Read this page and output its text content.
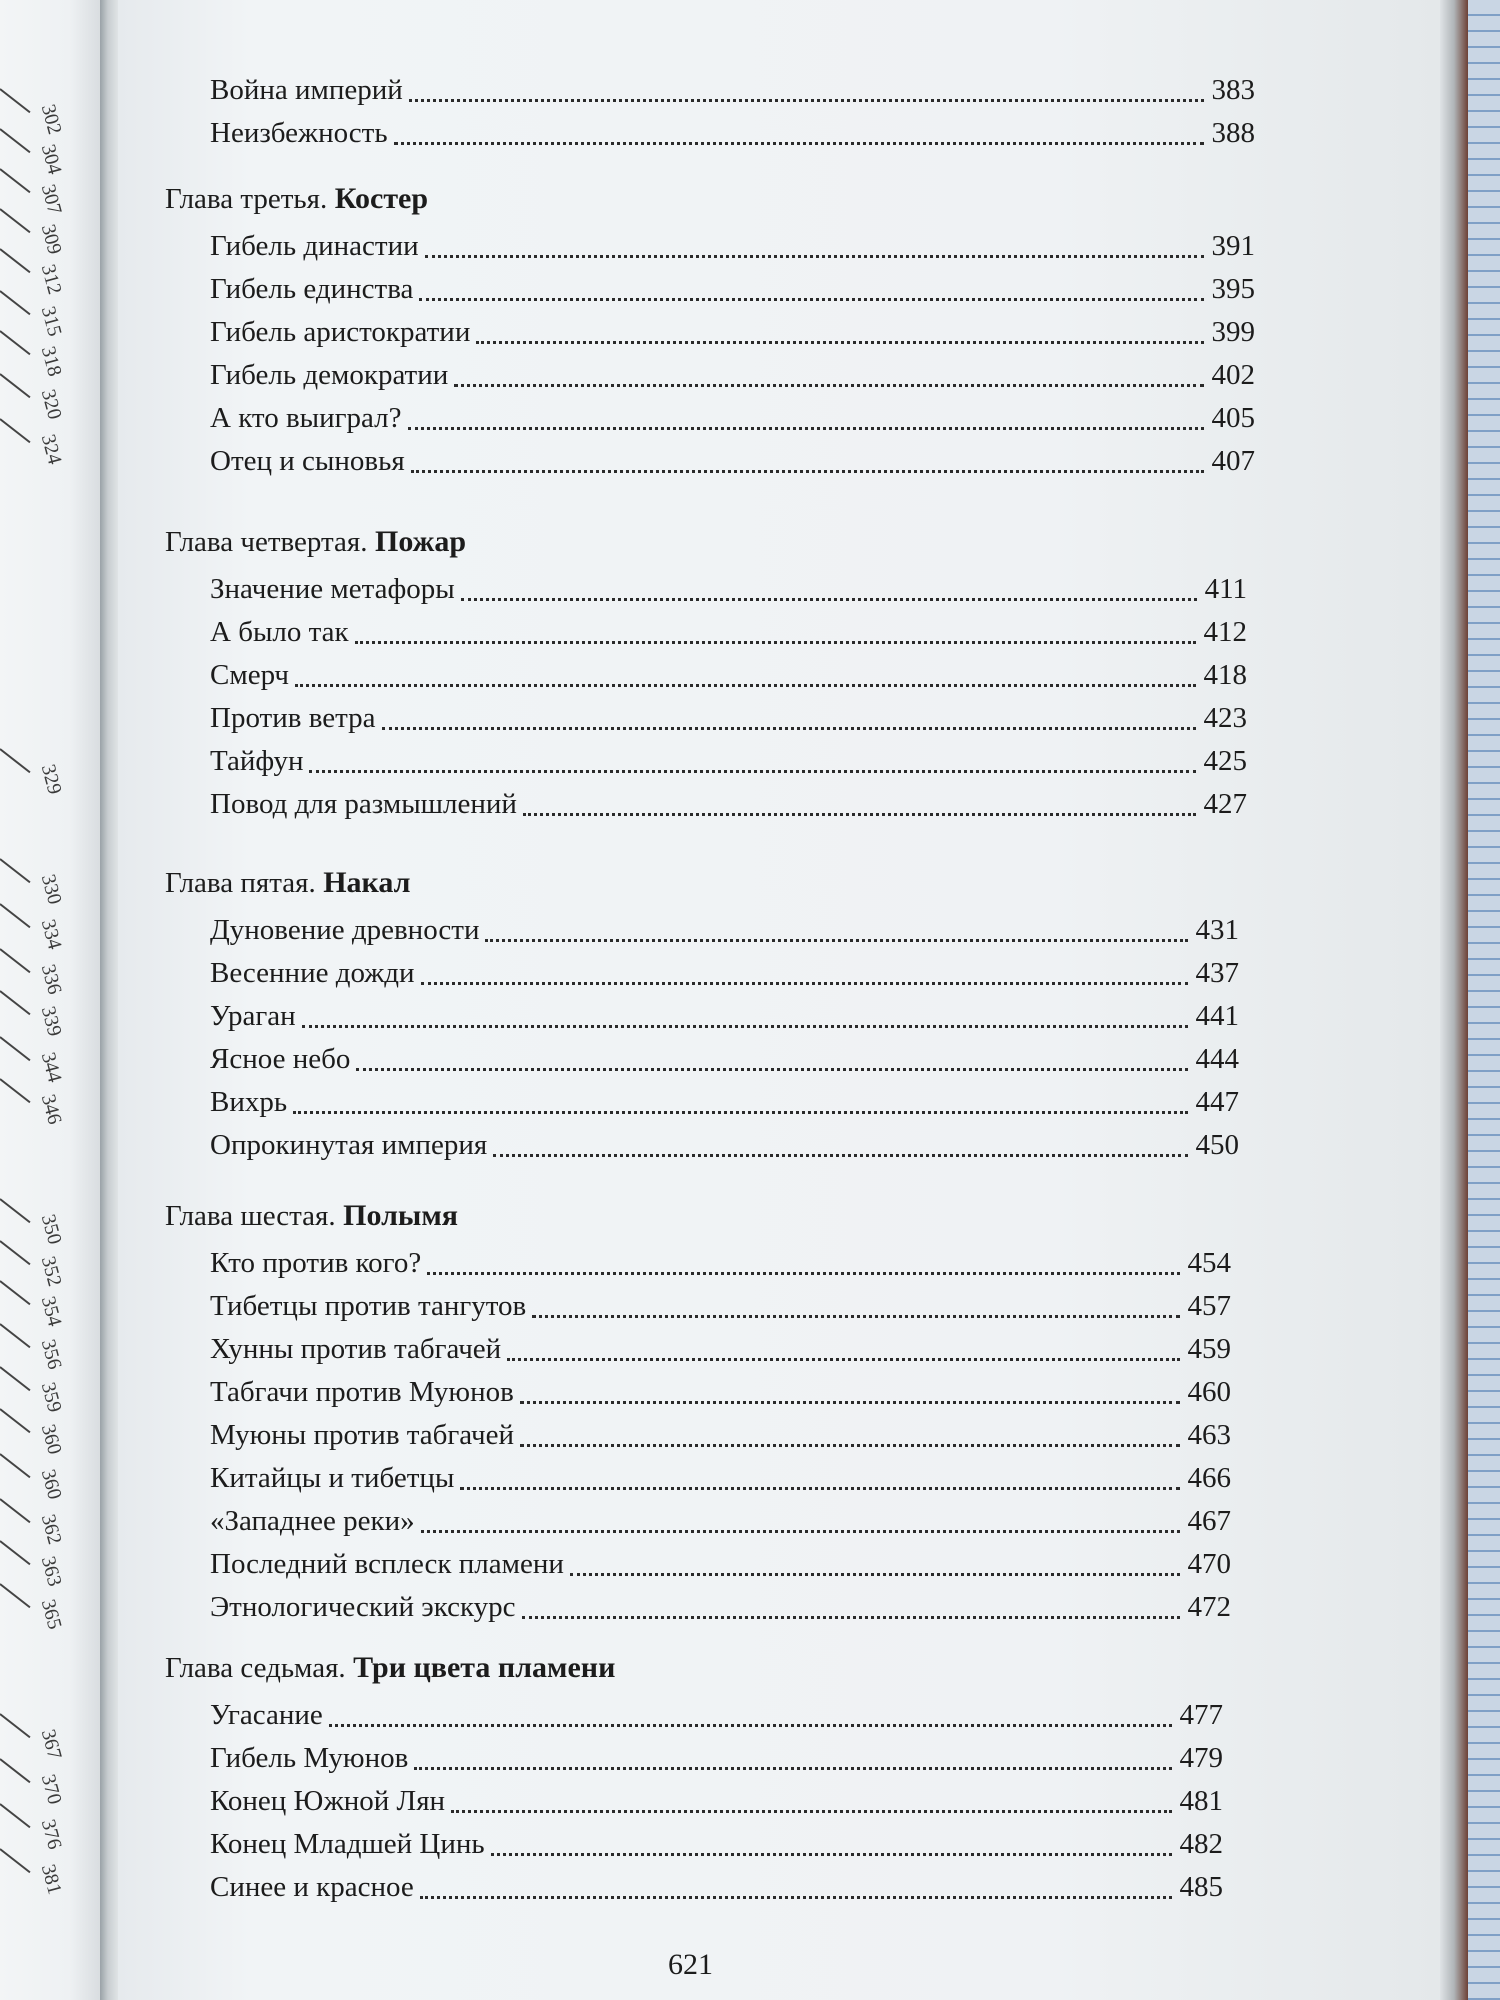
302
304
307
309
312
315
318
320
324
329
330
334
336
339
344
346
350
352
354
356
359
360
360
362
363
365
367
370
376
381
Война империй	383
Неизбежность	388
Глава третья. Костер
Гибель династии	391
Гибель единства	395
Гибель аристократии	399
Гибель демократии	402
А кто выиграл?	405
Отец и сыновья	407
Глава четвертая. Пожар
Значение метафоры	411
А было так	412
Смерч	418
Против ветра	423
Тайфун	425
Повод для размышлений	427
Глава пятая. Накал
Дуновение древности	431
Весенние дожди	437
Ураган	441
Ясное небо	444
Вихрь	447
Опрокинутая империя	450
Глава шестая. Полымя
Кто против кого?	454
Тибетцы против тангутов	457
Хунны против табгачей	459
Табгачи против Муюнов	460
Муюны против табгачей	463
Китайцы и тибетцы	466
«Западнее реки»	467
Последний всплеск пламени	470
Этнологический экскурс	472
Глава седьмая. Три цвета пламени
Угасание	477
Гибель Муюнов	479
Конец Южной Лян	481
Конец Младшей Цинь	482
Синее и красное	485
621
